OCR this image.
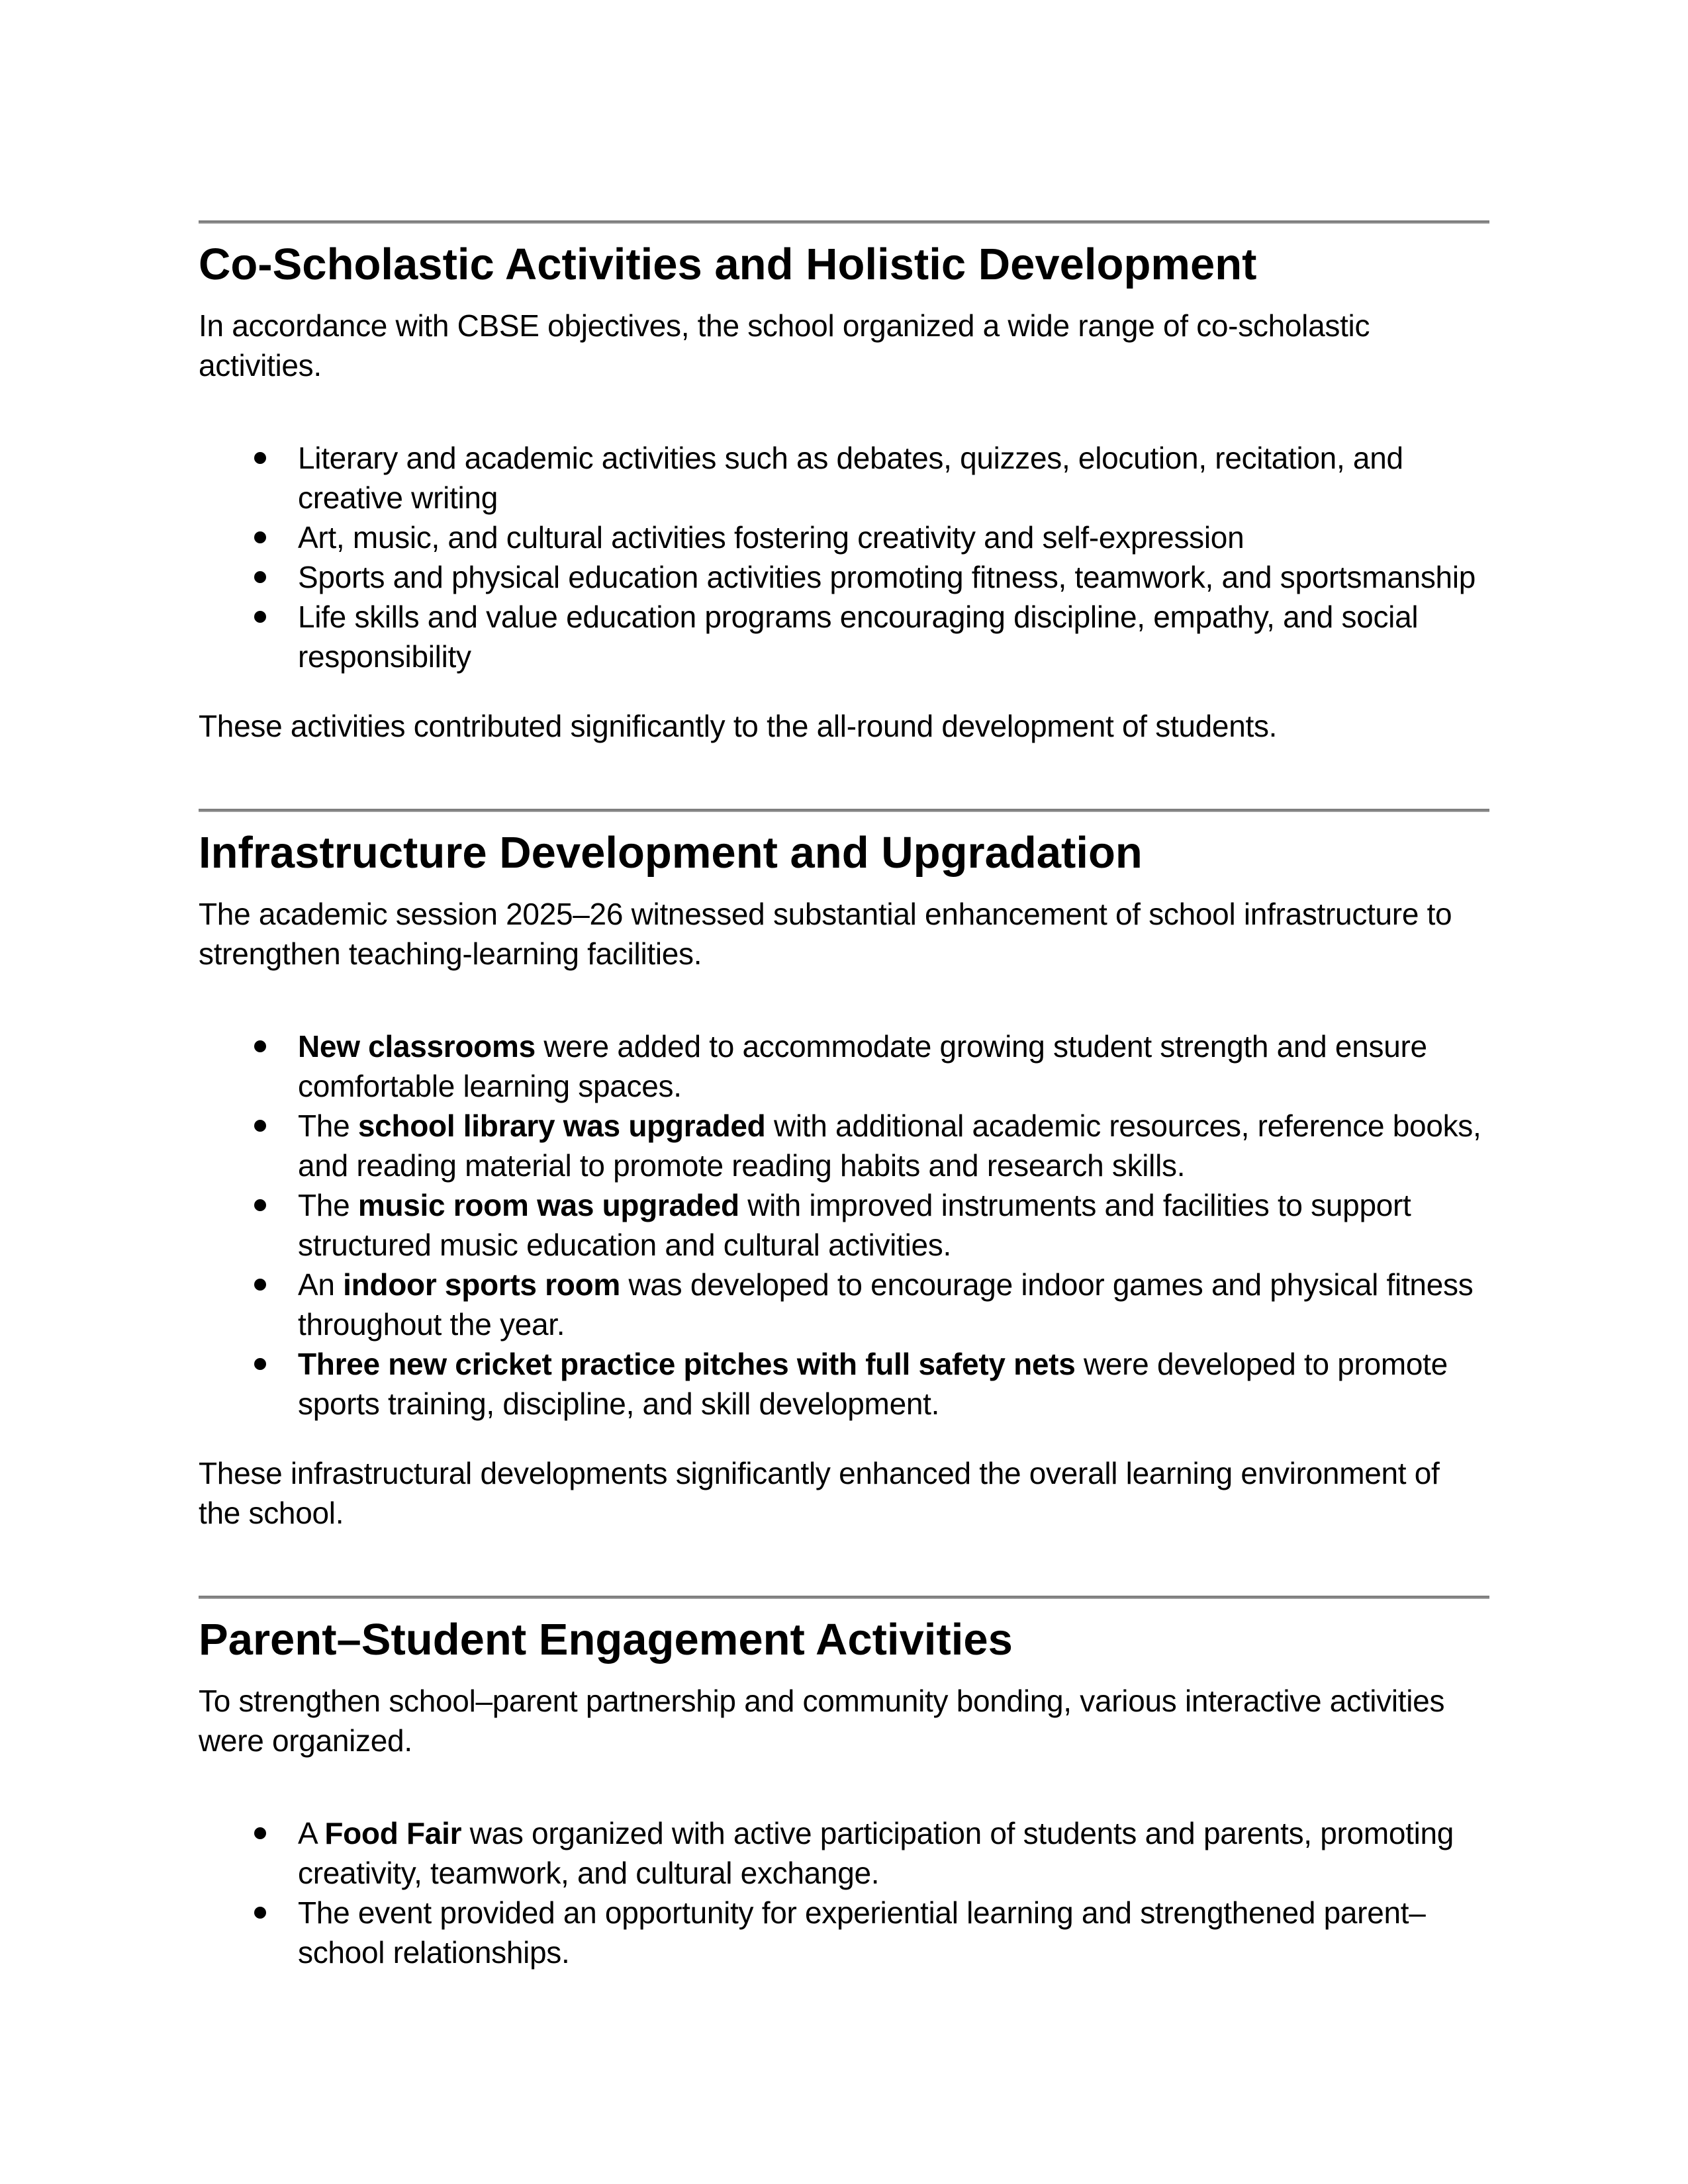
Co-Scholastic Activities and Holistic Development

In accordance with CBSE objectives, the school organized a wide range of co-scholastic activities.

Literary and academic activities such as debates, quizzes, elocution, recitation, and creative writing
Art, music, and cultural activities fostering creativity and self-expression
Sports and physical education activities promoting fitness, teamwork, and sportsmanship
Life skills and value education programs encouraging discipline, empathy, and social responsibility

These activities contributed significantly to the all-round development of students.

Infrastructure Development and Upgradation

The academic session 2025–26 witnessed substantial enhancement of school infrastructure to strengthen teaching-learning facilities.

New classrooms were added to accommodate growing student strength and ensure comfortable learning spaces.
The school library was upgraded with additional academic resources, reference books, and reading material to promote reading habits and research skills.
The music room was upgraded with improved instruments and facilities to support structured music education and cultural activities.
An indoor sports room was developed to encourage indoor games and physical fitness throughout the year.
Three new cricket practice pitches with full safety nets were developed to promote sports training, discipline, and skill development.

These infrastructural developments significantly enhanced the overall learning environment of the school.

Parent–Student Engagement Activities

To strengthen school–parent partnership and community bonding, various interactive activities were organized.

A Food Fair was organized with active participation of students and parents, promoting creativity, teamwork, and cultural exchange.
The event provided an opportunity for experiential learning and strengthened parent–school relationships.
